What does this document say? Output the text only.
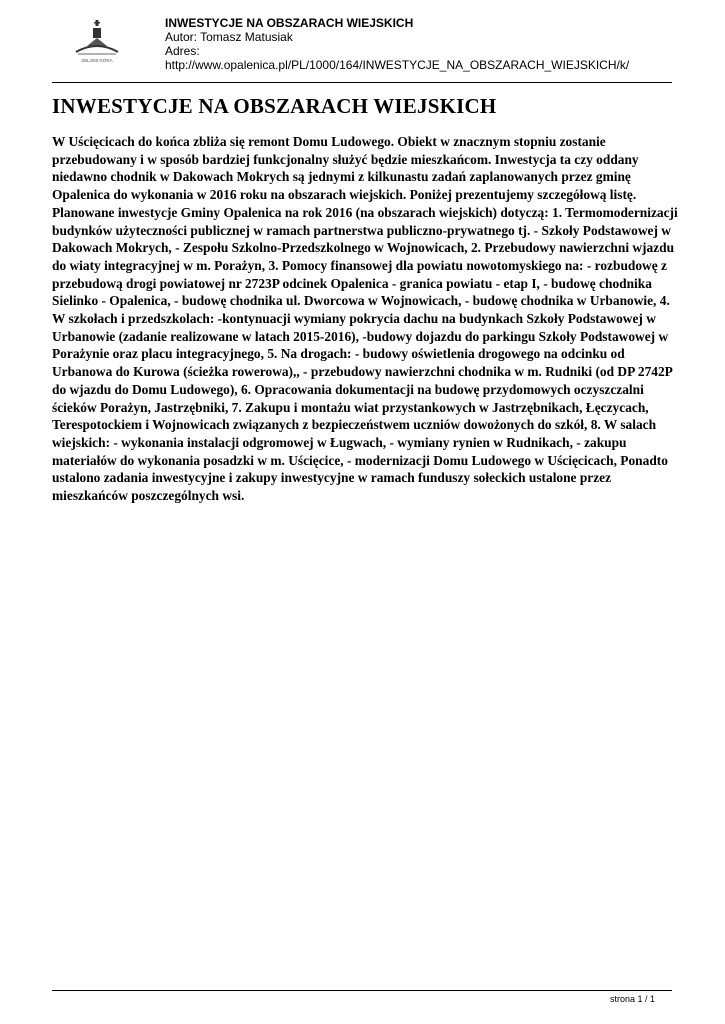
ZBLOMI GÓRA
INWESTYCJE NA OBSZARACH WIEJSKICH
Autor: Tomasz Matusiak
Adres:
http://www.opalenica.pl/PL/1000/164/INWESTYCJE_NA_OBSZARACH_WIEJSKICH/k/
INWESTYCJE NA OBSZARACH WIEJSKICH

W Uścięcicach do końca zbliża się remont Domu Ludowego. Obiekt w znacznym stopniu zostanie przebudowany i w sposób bardziej funkcjonalny służyć będzie mieszkańcom. Inwestycja ta czy oddany niedawno chodnik w Dakowach Mokrych są jednymi z kilkunastu zadań zaplanowanych przez gminę Opalenica do wykonania w 2016 roku na obszarach wiejskich. Poniżej prezentujemy szczegółową listę. Planowane inwestycje Gminy Opalenica na rok 2016 (na obszarach wiejskich) dotyczą: 1. Termomodernizacji budynków użyteczności publicznej w ramach partnerstwa publiczno-prywatnego tj. - Szkoły Podstawowej w Dakowach Mokrych, - Zespołu Szkolno-Przedszkolnego w Wojnowicach, 2. Przebudowy nawierzchni wjazdu do wiaty integracyjnej w m. Porażyn, 3. Pomocy finansowej dla powiatu nowotomyskiego na: - rozbudowę z przebudową drogi powiatowej nr 2723P odcinek Opalenica - granica powiatu - etap I, - budowę chodnika Sielinko - Opalenica, - budowę chodnika ul. Dworcowa w Wojnowicach, - budowę chodnika w Urbanowie, 4. W szkołach i przedszkolach: -kontynuacji wymiany pokrycia dachu na budynkach Szkoły Podstawowej w Urbanowie (zadanie realizowane w latach 2015-2016), -budowy dojazdu do parkingu Szkoły Podstawowej w Porażynie oraz placu integracyjnego, 5. Na drogach: - budowy oświetlenia drogowego na odcinku od Urbanowa do Kurowa (ścieżka rowerowa),, - przebudowy nawierzchni chodnika w m. Rudniki (od DP 2742P do wjazdu do Domu Ludowego), 6. Opracowania dokumentacji na budowę przydomowych oczyszczalni ścieków Porażyn, Jastrzębniki, 7. Zakupu i montażu wiat przystankowych w Jastrzębnikach, Łęczycach, Terespotockiem i Wojnowicach związanych z bezpieczeństwem uczniów dowożonych do szkół, 8. W salach wiejskich: - wykonania instalacji odgromowej w Ługwach, - wymiany rynien w Rudnikach, - zakupu materiałów do wykonania posadzki w m. Uścięcice, - modernizacji Domu Ludowego w Uścięcicach, Ponadto ustalono zadania inwestycyjne i zakupy inwestycyjne w ramach funduszy sołeckich ustalone przez mieszkańców poszczególnych wsi.

strona 1 / 1
